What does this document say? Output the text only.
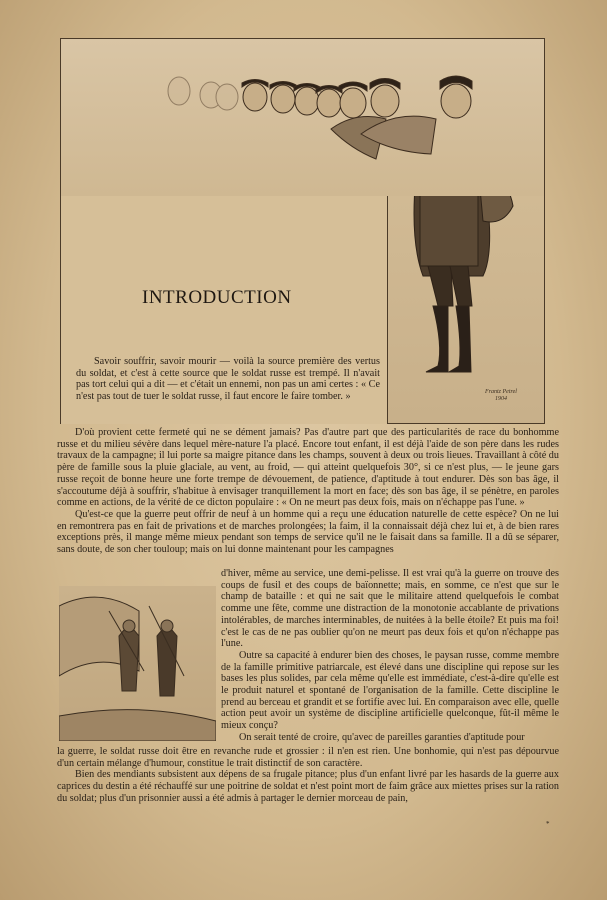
Frantz Petrel
1904
INTRODUCTION

Savoir souffrir, savoir mourir — voilà la source première des vertus du soldat, et c'est à cette source que le soldat russe est trempé. Il n'avait pas tort celui qui a dit — et c'était un ennemi, non pas un ami certes : « Ce n'est pas tout de tuer le soldat russe, il faut encore le faire tomber. »

D'où provient cette fermeté qui ne se dément jamais? Pas d'autre part que des particularités de race du bonhomme russe et du milieu sévère dans lequel mère-nature l'a placé. Encore tout enfant, il est déjà l'aide de son père dans les rudes travaux de la campagne; il lui porte sa maigre pitance dans les champs, souvent à deux ou trois lieues. Travaillant à côté du père de famille sous la pluie glaciale, au vent, au froid, — qui atteint quelquefois 30°, si ce n'est plus, — le jeune gars russe reçoit de bonne heure une forte trempe de dévouement, de patience, d'aptitude à tout endurer. Dès son bas âge, il s'accoutume déjà à souffrir, s'habitue à envisager tranquillement la mort en face; dès son bas âge, il se pénètre, en paroles comme en actions, de la vérité de ce dicton populaire : « On ne meurt pas deux fois, mais on n'échappe pas l'une. »

Qu'est-ce que la guerre peut offrir de neuf à un homme qui a reçu une éducation naturelle de cette espèce? On ne lui en remontrera pas en fait de privations et de marches prolongées; la faim, il la connaissait déjà chez lui et, à de bien rares exceptions près, il mange même mieux pendant son temps de service qu'il ne le faisait dans sa famille. Il a dû se séparer, sans doute, de son cher touloup; mais on lui donne maintenant pour les campagnes

d'hiver, même au service, une demi-pelisse. Il est vrai qu'à la guerre on trouve des coups de fusil et des coups de baïonnette; mais, en somme, ce n'est que sur le champ de bataille : et qui ne sait que le militaire attend quelquefois le combat comme une fête, comme une distraction de la monotonie accablante de privations intolérables, de marches interminables, de nuitées à la belle étoile? Et puis ma foi! c'est le cas de ne pas oublier qu'on ne meurt pas deux fois et qu'on n'échappe pas l'une.

Outre sa capacité à endurer bien des choses, le paysan russe, comme membre de la famille primitive patriarcale, est élevé dans une discipline qui repose sur les bases les plus solides, par cela même qu'elle est immédiate, c'est-à-dire qu'elle est le produit naturel et spontané de l'organisation de la famille. Cette discipline le prend au berceau et grandit et se fortifie avec lui. En comparaison avec elle, quelle action peut avoir un système de discipline artificielle quelconque, fût-il même le mieux conçu?

On serait tenté de croire, qu'avec de pareilles garanties d'aptitude pour

la guerre, le soldat russe doit être en revanche rude et grossier : il n'en est rien. Une bonhomie, qui n'est pas dépourvue d'un certain mélange d'humour, constitue le trait distinctif de son caractère.

Bien des mendiants subsistent aux dépens de sa frugale pitance; plus d'un enfant livré par les hasards de la guerre aux caprices du destin a été réchauffé sur une poitrine de soldat et n'est point mort de faim grâce aux miettes prises sur la ration du soldat; plus d'un prisonnier aussi a été admis à partager le dernier morceau de pain,

*
